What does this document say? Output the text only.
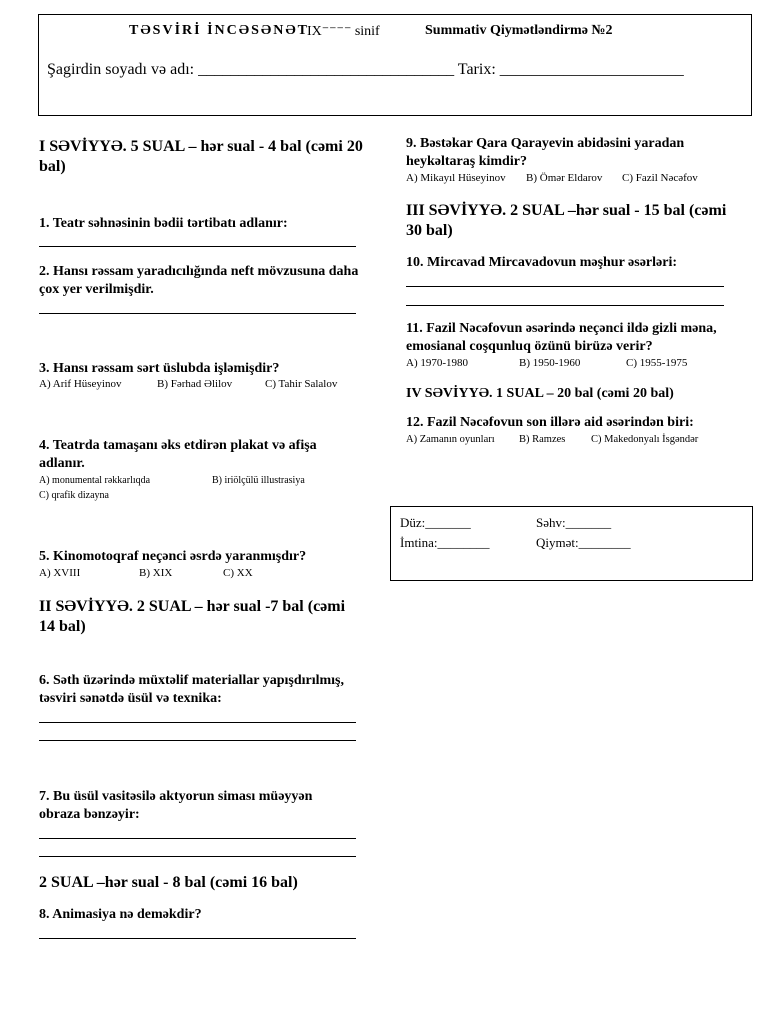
TƏSVİRİ İNCƏSƏNƏT
IX⁻⁻⁻⁻ sinif	Summativ Qiymətləndirmə №2
Şagirdin soyadı və adı: ________________________________ Tarix: _______________________
I SƏVİYYƏ. 5 SUAL – hər sual - 4 bal (cəmi 20 bal)
1. Teatr səhnəsinin bədii tərtibatı adlanır:
2. Hansı rəssam yaradıcılığında neft mövzusuna daha çox yer verilmişdir.
3. Hansı rəssam sərt üslubda işləmişdir?
A) Arif Hüseyinov	B) Fərhad Əlilov	C) Tahir Salalov
4. Teatrda tamaşanı əks etdirən plakat və afişa adlanır.
A) monumental rəkkarlıqda	B) iriölçülü illustrasiya
C) qrafik dizayna
5. Kinomotoqraf neçənci əsrdə yaranmışdır?
A) XVIII	B) XIX	C) XX
II SƏVİYYƏ. 2 SUAL – hər sual -7 bal (cəmi 14 bal)
6. Səth üzərində müxtəlif materiallar yapışdırılmış, təsviri sənətdə üsül və texnika:
7. Bu üsül vasitəsilə aktyorun siması müəyyən obraza bənzəyir:
2 SUAL –hər sual - 8 bal (cəmi 16 bal)
8. Animasiya nə deməkdir?
9. Bəstəkar Qara Qarayevin abidəsini yaradan heykəltaraş kimdir?
A) Mikayıl Hüseyinov B) Ömər Eldarov C) Fazil Nəcəfov
III SƏVİYYƏ. 2 SUAL –hər sual - 15 bal (cəmi 30 bal)
10. Mircavad Mircavadovun məşhur əsərləri:
11. Fazil Nəcəfovun əsərində neçənci ildə gizli məna, emosianal coşqunluq özünü birüzə verir?
A) 1970-1980	B) 1950-1960	C) 1955-1975
IV SƏVİYYƏ. 1 SUAL – 20 bal (cəmi 20 bal)
12. Fazil Nəcəfovun son illərə aid əsərindən biri:
A) Zamanın oyunları B) Ramzes C) Makedonyalı İsgəndər
Düz:_______	Səhv:_______
İmtina:________	Qiymət:________
